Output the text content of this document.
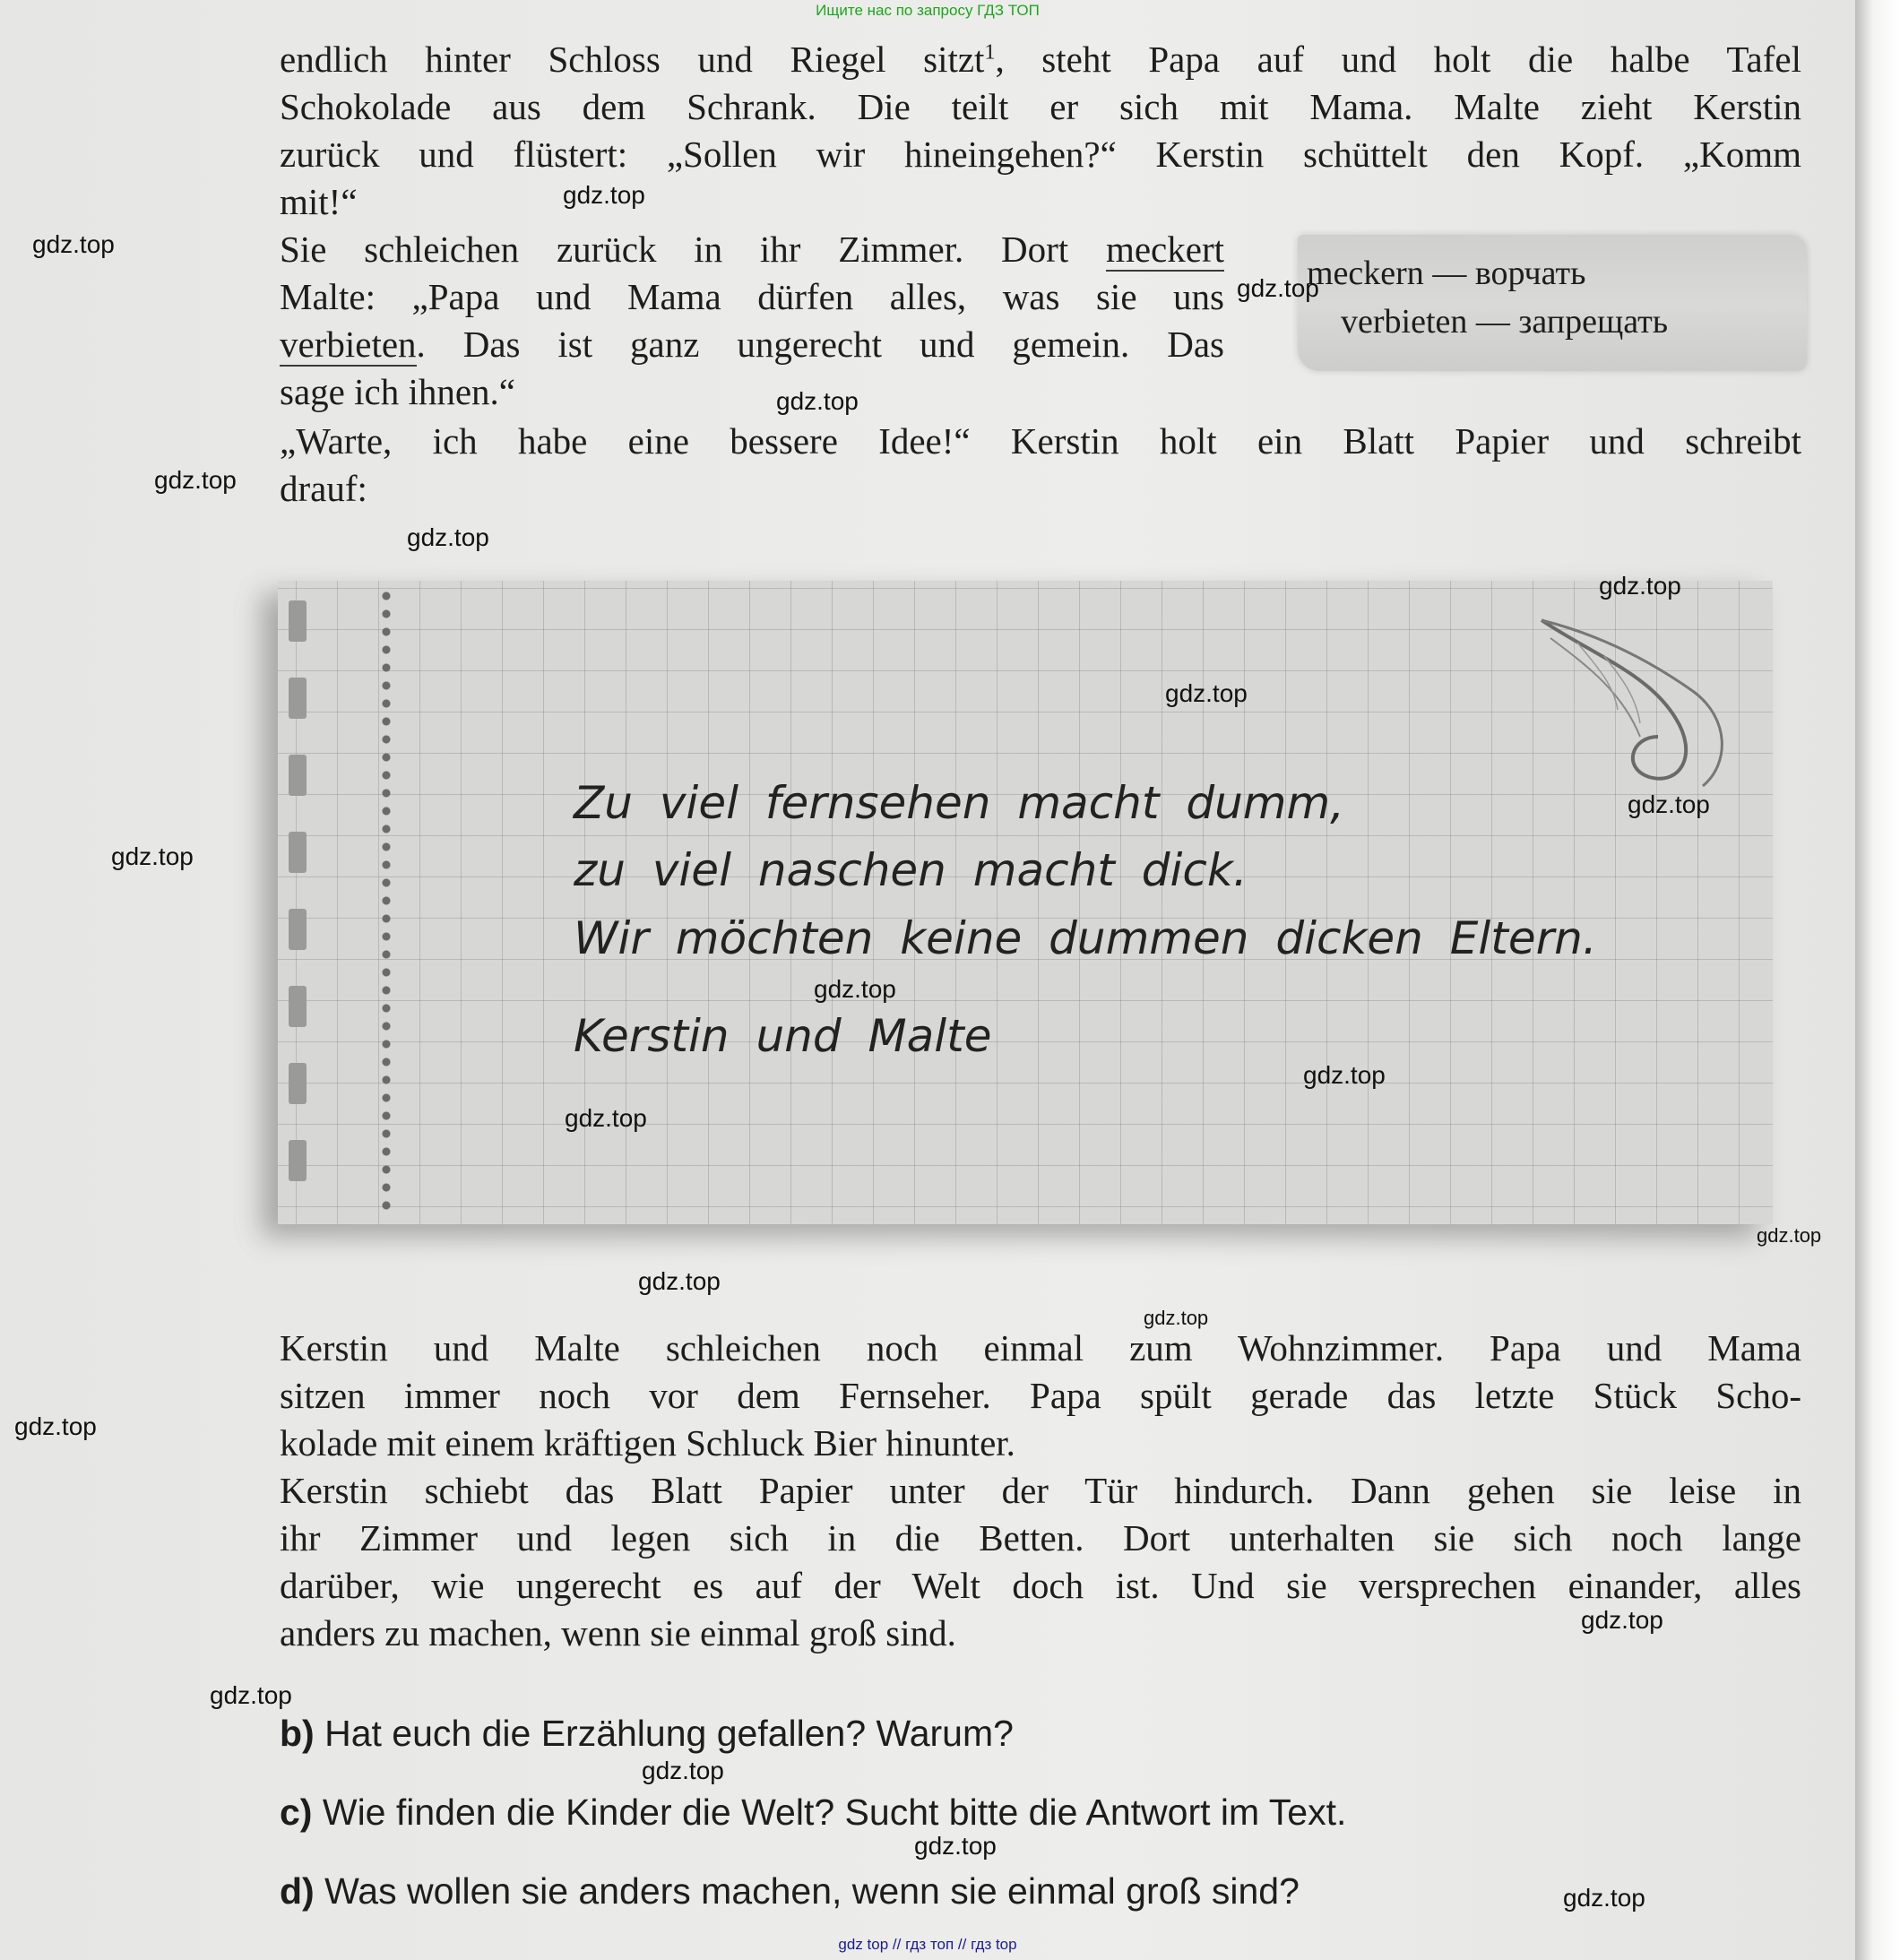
Ищите нас по запросу ГДЗ ТОП

endlich hinter Schloss und Riegel sitzt$^1$, steht Papa auf und holt die halbe Tafel

Schokolade aus dem Schrank. Die teilt er sich mit Mama. Malte zieht Kerstin

zurück und flüstert: „Sollen wir hineingehen?“ Kerstin schüttelt den Kopf. „Komm

mit!“

Sie schleichen zurück in ihr Zimmer. Dort meckert

Malte: „Papa und Mama dürfen alles, was sie uns

verbieten. Das ist ganz ungerecht und gemein. Das

sage ich ihnen.“

meckern — ворчать
verbieten — запрещать

„Warte, ich habe eine bessere Idee!“ Kerstin holt ein Blatt Papier und schreibt

drauf:

Zu viel fernsehen macht dumm,
zu viel naschen macht dick.
Wir möchten keine dummen dicken Eltern.
Kerstin und Malte

Kerstin und Malte schleichen noch einmal zum Wohnzimmer. Papa und Mama

sitzen immer noch vor dem Fernseher. Papa spült gerade das letzte Stück Scho-

kolade mit einem kräftigen Schluck Bier hinunter.

Kerstin schiebt das Blatt Papier unter der Tür hindurch. Dann gehen sie leise in

ihr Zimmer und legen sich in die Betten. Dort unterhalten sie sich noch lange

darüber, wie ungerecht es auf der Welt doch ist. Und sie versprechen einander, alles

anders zu machen, wenn sie einmal groß sind.

b) Hat euch die Erzählung gefallen? Warum?
c) Wie finden die Kinder die Welt? Sucht bitte die Antwort im Text.
d) Was wollen sie anders machen, wenn sie einmal groß sind?
gdz.top
gdz.top
gdz.top
gdz.top
gdz.top
gdz.top
gdz.top
gdz.top
gdz.top
gdz.top
gdz.top
gdz.top
gdz.top
gdz.top
gdz.top
gdz.top
gdz.top
gdz.top
gdz.top
gdz.top
gdz.top
gdz.top
gdz top // гдз топ // гдз top
